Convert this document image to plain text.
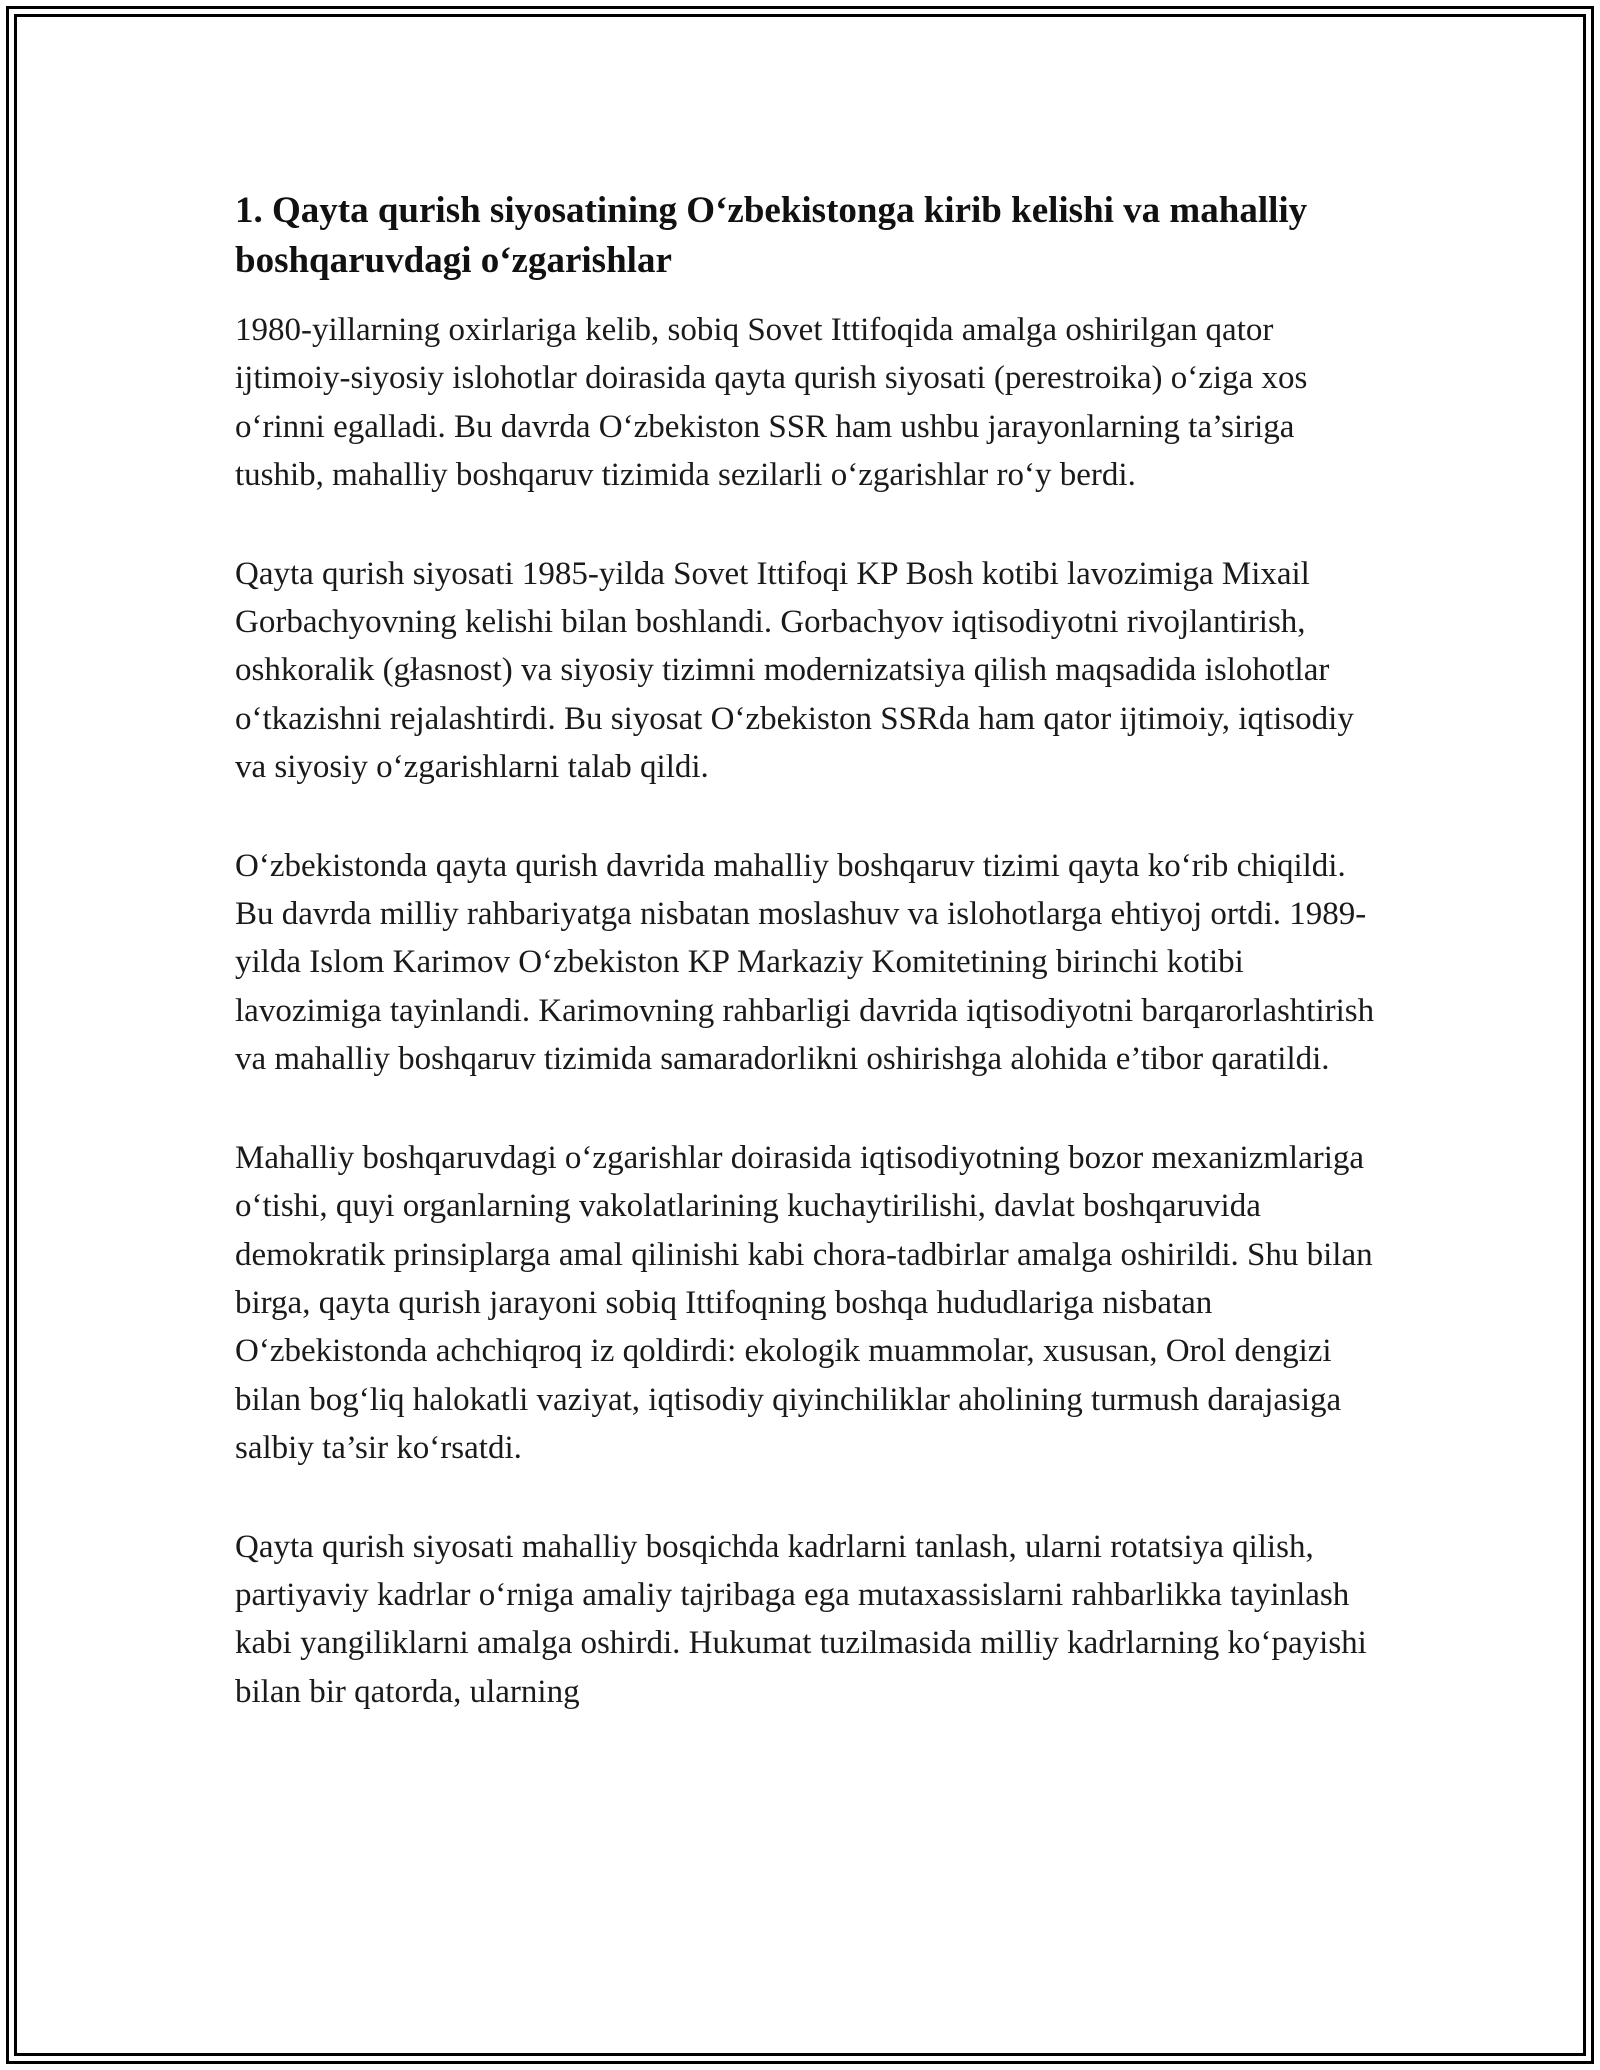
1. Qayta qurish siyosatining O‘zbekistonga kirib kelishi va mahalliy boshqaruvdagi o‘zgarishlar

1980-yillarning oxirlariga kelib, sobiq Sovet Ittifoqida amalga oshirilgan qator ijtimoiy-siyosiy islohotlar doirasida qayta qurish siyosati (perestroika) o‘ziga xos o‘rinni egalladi. Bu davrda O‘zbekiston SSR ham ushbu jarayonlarning ta’siriga tushib, mahalliy boshqaruv tizimida sezilarli o‘zgarishlar ro‘y berdi.

Qayta qurish siyosati 1985-yilda Sovet Ittifoqi KP Bosh kotibi lavozimiga Mixail Gorbachyovning kelishi bilan boshlandi. Gorbachyov iqtisodiyotni rivojlantirish, oshkoralik (głasnost) va siyosiy tizimni modernizatsiya qilish maqsadida islohotlar o‘tkazishni rejalashtirdi. Bu siyosat O‘zbekiston SSRda ham qator ijtimoiy, iqtisodiy va siyosiy o‘zgarishlarni talab qildi.

O‘zbekistonda qayta qurish davrida mahalliy boshqaruv tizimi qayta ko‘rib chiqildi. Bu davrda milliy rahbariyatga nisbatan moslashuv va islohotlarga ehtiyoj ortdi. 1989-yilda Islom Karimov O‘zbekiston KP Markaziy Komitetining birinchi kotibi lavozimiga tayinlandi. Karimovning rahbarligi davrida iqtisodiyotni barqarorlashtirish va mahalliy boshqaruv tizimida samaradorlikni oshirishga alohida e’tibor qaratildi.

Mahalliy boshqaruvdagi o‘zgarishlar doirasida iqtisodiyotning bozor mexanizmlariga o‘tishi, quyi organlarning vakolatlarining kuchaytirilishi, davlat boshqaruvida demokratik prinsiplarga amal qilinishi kabi chora-tadbirlar amalga oshirildi. Shu bilan birga, qayta qurish jarayoni sobiq Ittifoqning boshqa hududlariga nisbatan O‘zbekistonda achchiqroq iz qoldirdi: ekologik muammolar, xususan, Orol dengizi bilan bog‘liq halokatli vaziyat, iqtisodiy qiyinchiliklar aholining turmush darajasiga salbiy ta’sir ko‘rsatdi.

Qayta qurish siyosati mahalliy bosqichda kadrlarni tanlash, ularni rotatsiya qilish, partiyaviy kadrlar o‘rniga amaliy tajribaga ega mutaxassislarni rahbarlikka tayinlash kabi yangiliklarni amalga oshirdi. Hukumat tuzilmasida milliy kadrlarning ko‘payishi bilan bir qatorda, ularning
